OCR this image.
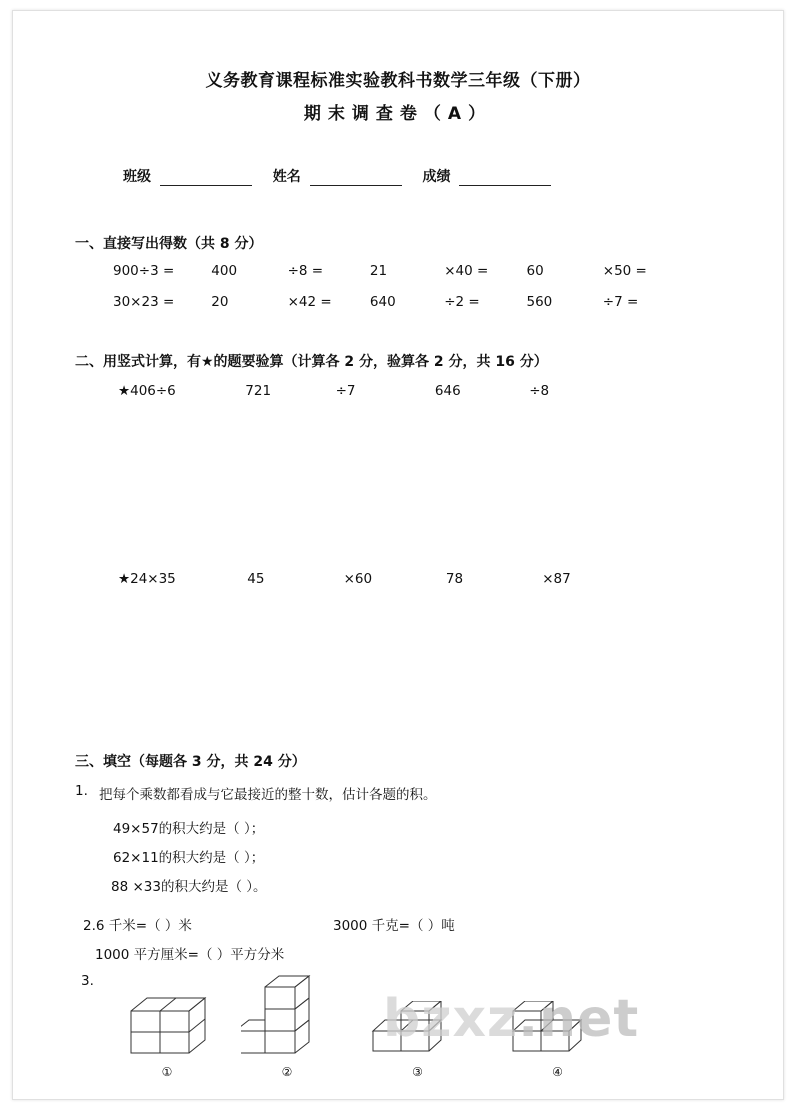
义务教育课程标准实验教科书数学三年级（下册）
期末调查卷（A）
班级	姓名	成绩
一、直接写出得数（共 8 分）
900÷3 =	400	÷8 =	21	×40 =	60	×50 =
30×23 =	20	×42 =	640	÷2 =	560	÷7 =
二、用竖式计算，有★的题要验算（计算各 2 分，验算各 2 分，共 16 分）
★406÷6	721	÷7	646	÷8
★24×35	45	×60	78	×87
三、填空（每题各 3 分，共 24 分）
1. 把每个乘数都看成与它最接近的整十数，估计各题的积。
49×57的积大约是（ ）；
62×11的积大约是（ ）；
88 ×33的积大约是（ ）。
2.6 千米=（ ）米	3000 千克=（ ）吨
1000 平方厘米=（ ）平方分米
3.
①	②	③	④
bzxz.net
